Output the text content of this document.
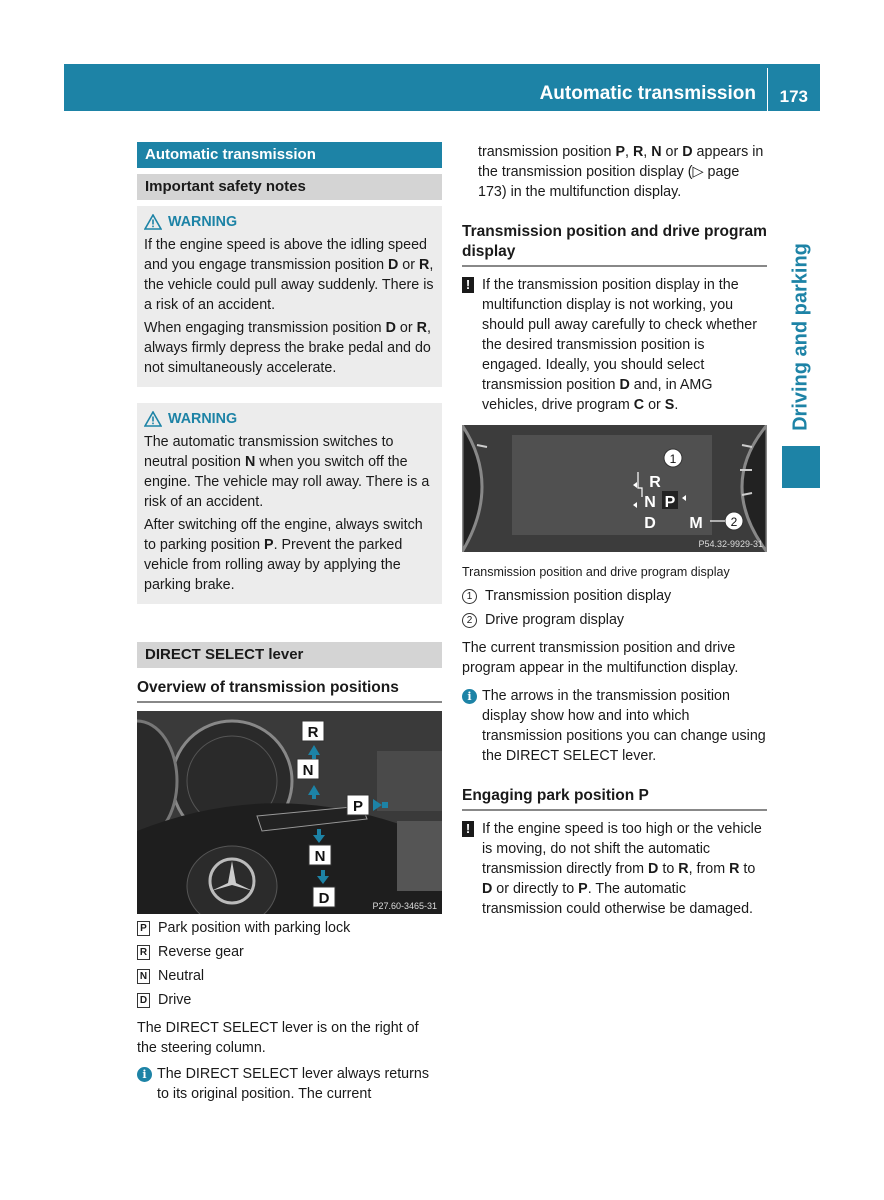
Automatic transmission 173
Driving and parking
Automatic transmission
Important safety notes
WARNING

If the engine speed is above the idling speed and you engage transmission position D or R, the vehicle could pull away suddenly. There is a risk of an accident.

When engaging transmission position D or R, always firmly depress the brake pedal and do not simultaneously accelerate.

WARNING

The automatic transmission switches to neutral position N when you switch off the engine. The vehicle may roll away. There is a risk of an accident.

After switching off the engine, always switch to parking position P. Prevent the parked vehicle from rolling away by applying the parking brake.

DIRECT SELECT lever
Overview of transmission positions
R
N
P
N
D	P27.60-3465-31
P Park position with parking lock
R Reverse gear
N Neutral
D Drive

The DIRECT SELECT lever is on the right of the steering column.

i The DIRECT SELECT lever always returns to its original position. The current

transmission position P, R, N or D appears in the transmission position display (▷ page 173) in the multifunction display.

Transmission position and drive program display
! If the transmission position display in the multifunction display is not working, you should pull away carefully to check whether the desired transmission position is engaged. Ideally, you should select transmission position D and, in AMG vehicles, drive program C or S.
R
N P
D M
1
2
P54.32-9929-31
Transmission position and drive program display
1 Transmission position display
2 Drive program display

The current transmission position and drive program appear in the multifunction display.

i The arrows in the transmission position display show how and into which transmission positions you can change using the DIRECT SELECT lever.
Engaging park position P
! If the engine speed is too high or the vehicle is moving, do not shift the automatic transmission directly from D to R, from R to D or directly to P. The automatic transmission could otherwise be damaged.
